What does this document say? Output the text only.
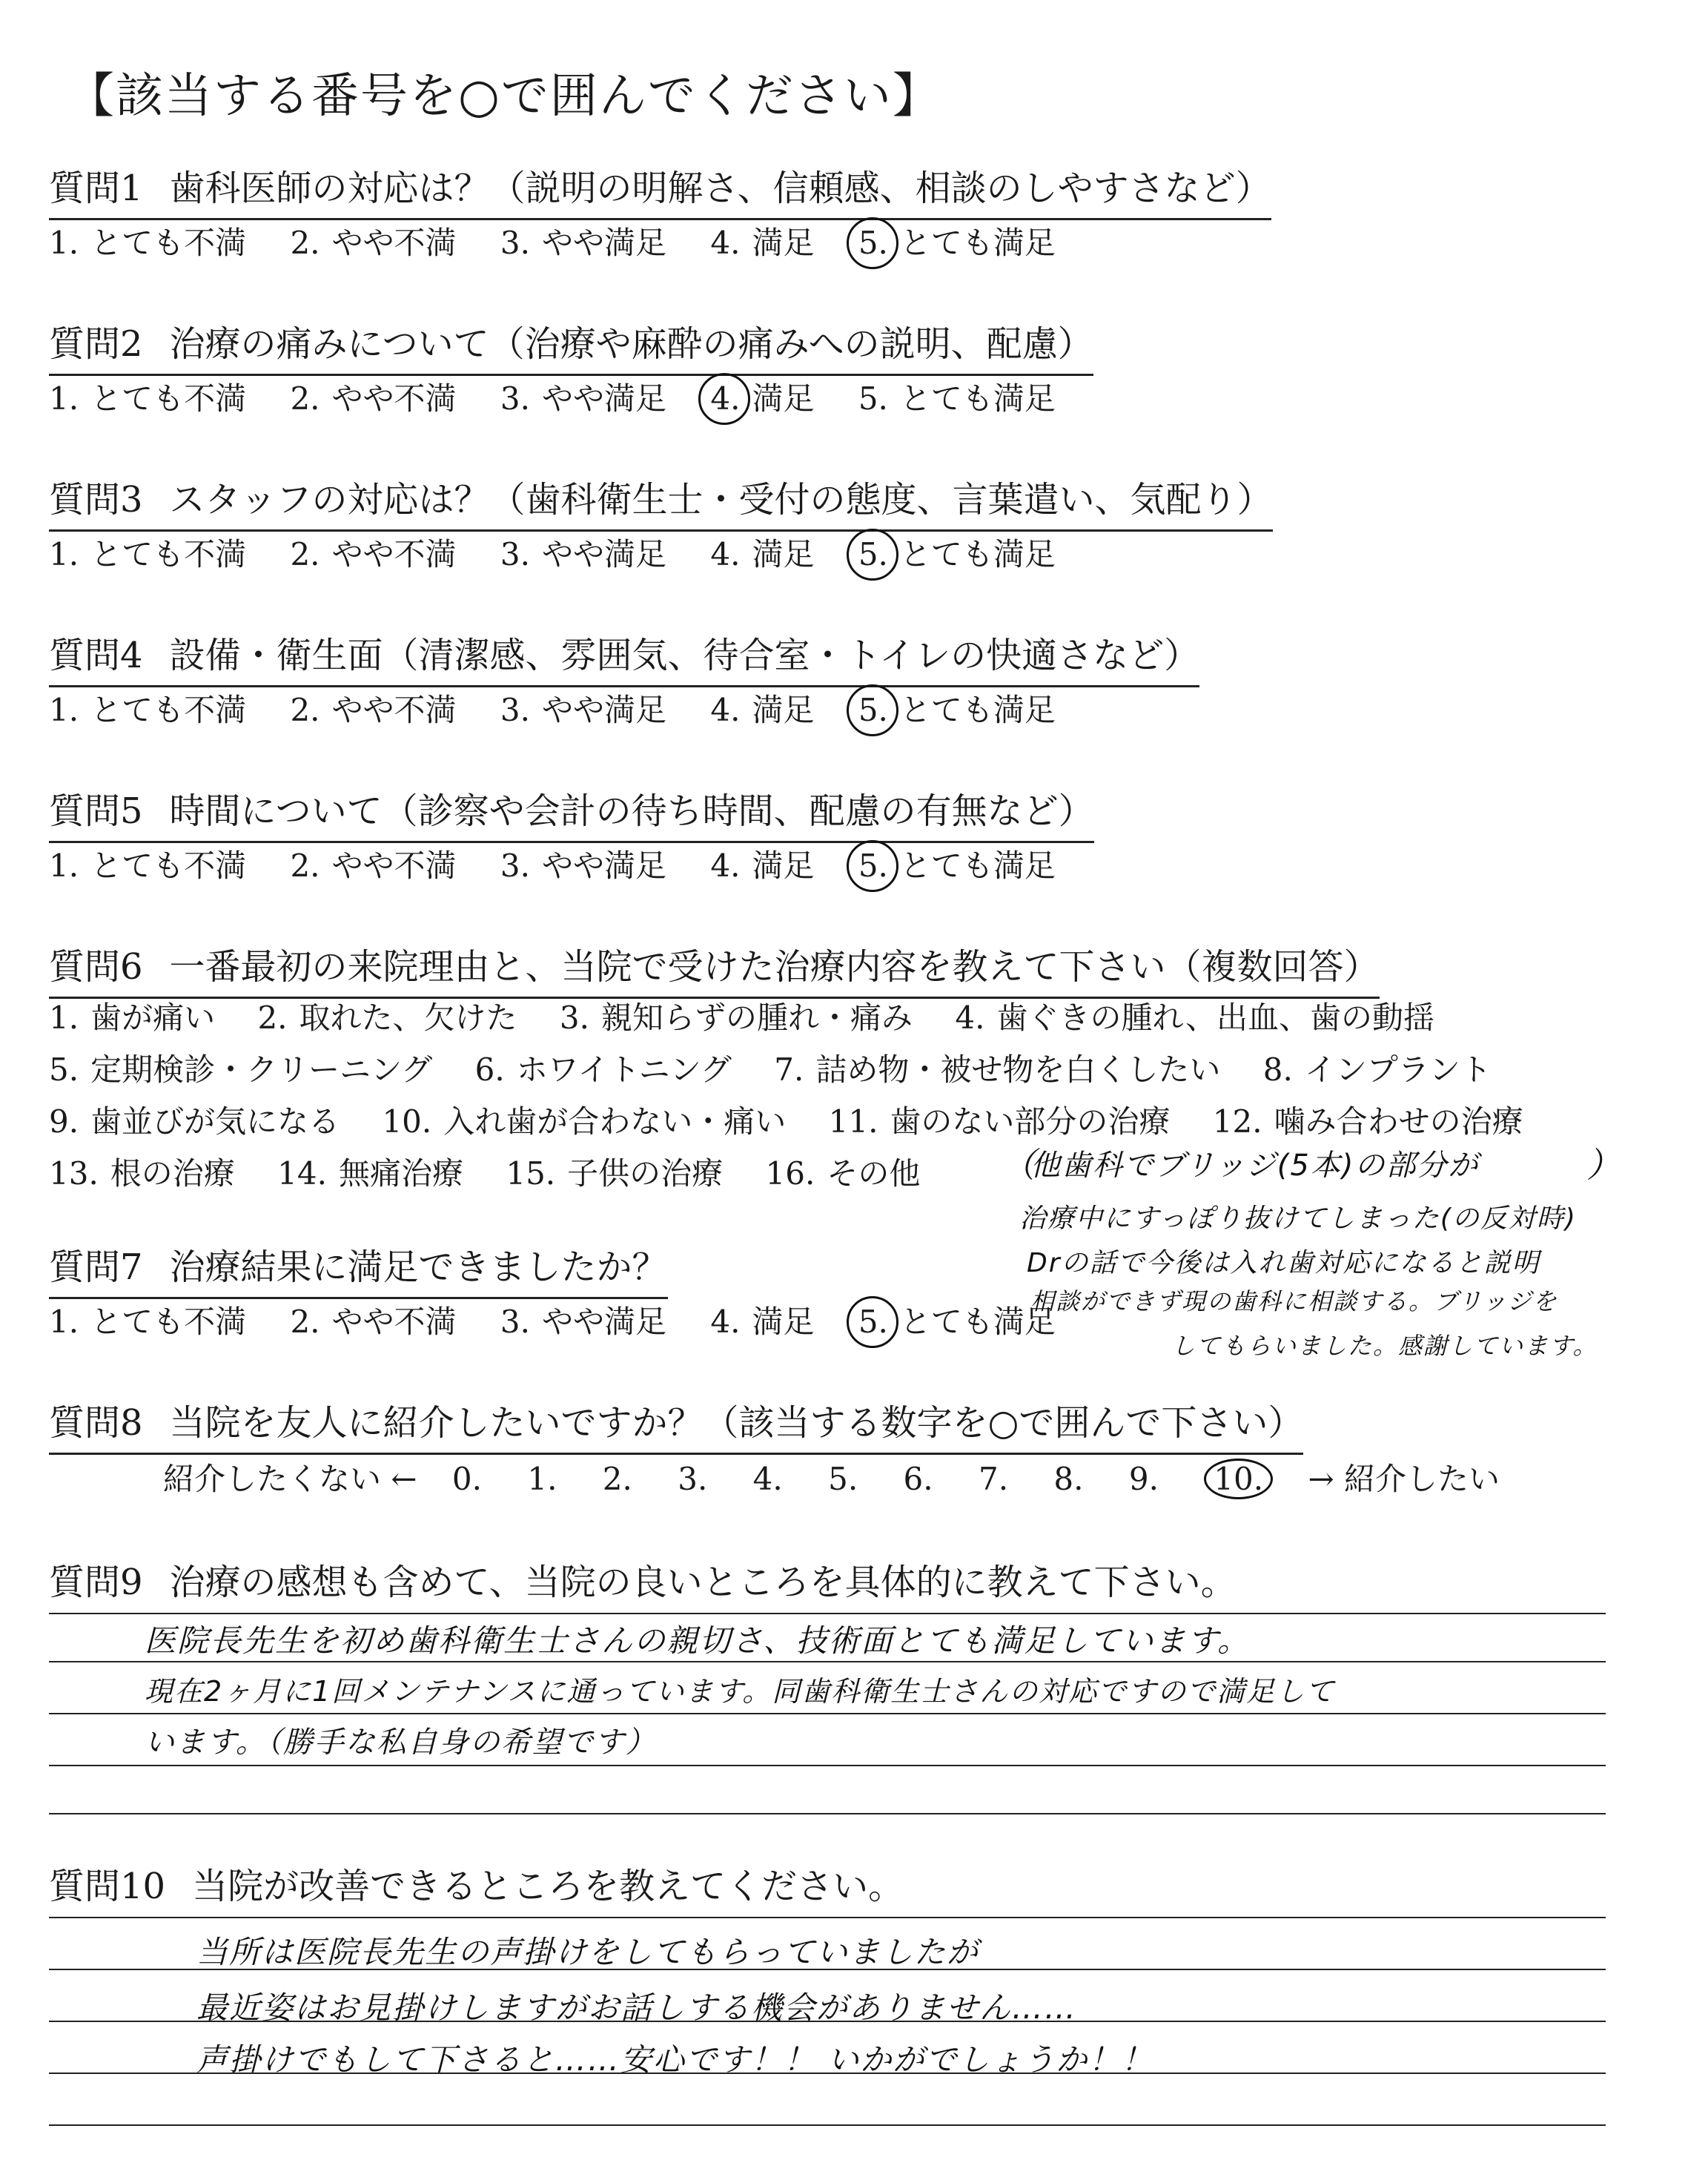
【該当する番号を○で囲んでください】
質問1 歯科医師の対応は？（説明の明解さ、信頼感、相談のしやすさなど）
1. とても不満 2. やや不満 3. やや満足 4. 満足 5. とても満足
質問2 治療の痛みについて（治療や麻酔の痛みへの説明、配慮）
1. とても不満 2. やや不満 3. やや満足 4. 満足 5. とても満足
質問3 スタッフの対応は？（歯科衛生士・受付の態度、言葉遣い、気配り）
1. とても不満 2. やや不満 3. やや満足 4. 満足 5. とても満足
質問4 設備・衛生面（清潔感、雰囲気、待合室・トイレの快適さなど）
1. とても不満 2. やや不満 3. やや満足 4. 満足 5. とても満足
質問5 時間について（診察や会計の待ち時間、配慮の有無など）
1. とても不満 2. やや不満 3. やや満足 4. 満足 5. とても満足
質問6 一番最初の来院理由と、当院で受けた治療内容を教えて下さい（複数回答）
1. 歯が痛い 2. 取れた、欠けた 3. 親知らずの腫れ・痛み 4. 歯ぐきの腫れ、出血、歯の動揺
5. 定期検診・クリーニング 6. ホワイトニング 7. 詰め物・被せ物を白くしたい 8. インプラント
9. 歯並びが気になる 10. 入れ歯が合わない・痛い 11. 歯のない部分の治療 12. 噛み合わせの治療
13. 根の治療 14. 無痛治療 15. 子供の治療 16. その他	（	）
他歯科でブリッジ(5本)の部分が
治療中にすっぽり抜けてしまった(の反対時)
Drの話で今後は入れ歯対応になると説明
相談ができず現の歯科に相談する。ブリッジを
してもらいました。感謝しています。
質問7 治療結果に満足できましたか？
1. とても不満 2. やや不満 3. やや満足 4. 満足 5. とても満足
質問8 当院を友人に紹介したいですか？（該当する数字を○で囲んで下さい）
紹介したくない ← 0. 1. 2. 3. 4. 5. 6. 7. 8. 9. 10. → 紹介したい
質問9 治療の感想も含めて、当院の良いところを具体的に教えて下さい。
医院長先生を初め歯科衛生士さんの親切さ、技術面とても満足しています。
現在2ヶ月に1回メンテナンスに通っています。同歯科衛生士さんの対応ですので満足して
います。（勝手な私自身の希望です）
質問10 当院が改善できるところを教えてください。
当所は医院長先生の声掛けをしてもらっていましたが
最近姿はお見掛けしますがお話しする機会がありません……
声掛けでもして下さると……安心です！！ いかがでしょうか！！
